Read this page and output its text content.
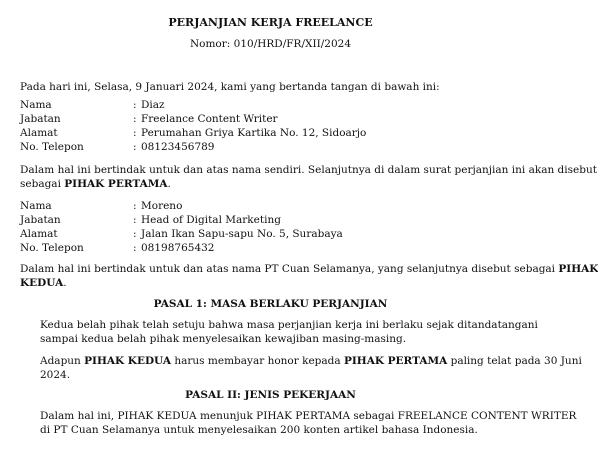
PERJANJIAN KERJA FREELANCE
Nomor: 010/HRD/FR/XII/2024
Pada hari ini, Selasa, 9 Januari 2024, kami yang bertanda tangan di bawah ini:
Nama	: Diaz
Jabatan	: Freelance Content Writer
Alamat	: Perumahan Griya Kartika No. 12, Sidoarjo
No. Telepon	: 08123456789
Dalam hal ini bertindak untuk dan atas nama sendiri. Selanjutnya di dalam surat perjanjian ini akan disebut
sebagai PIHAK PERTAMA.
Nama	: Moreno
Jabatan	: Head of Digital Marketing
Alamat	: Jalan Ikan Sapu-sapu No. 5, Surabaya
No. Telepon	: 08198765432
Dalam hal ini bertindak untuk dan atas nama PT Cuan Selamanya, yang selanjutnya disebut sebagai PIHAK
KEDUA.
PASAL 1: MASA BERLAKU PERJANJIAN
Kedua belah pihak telah setuju bahwa masa perjanjian kerja ini berlaku sejak ditandatangani
sampai kedua belah pihak menyelesaikan kewajiban masing-masing.
Adapun PIHAK KEDUA harus membayar honor kepada PIHAK PERTAMA paling telat pada 30 Juni
2024.
PASAL II: JENIS PEKERJAAN
Dalam hal ini, PIHAK KEDUA menunjuk PIHAK PERTAMA sebagai FREELANCE CONTENT WRITER
di PT Cuan Selamanya untuk menyelesaikan 200 konten artikel bahasa Indonesia.
